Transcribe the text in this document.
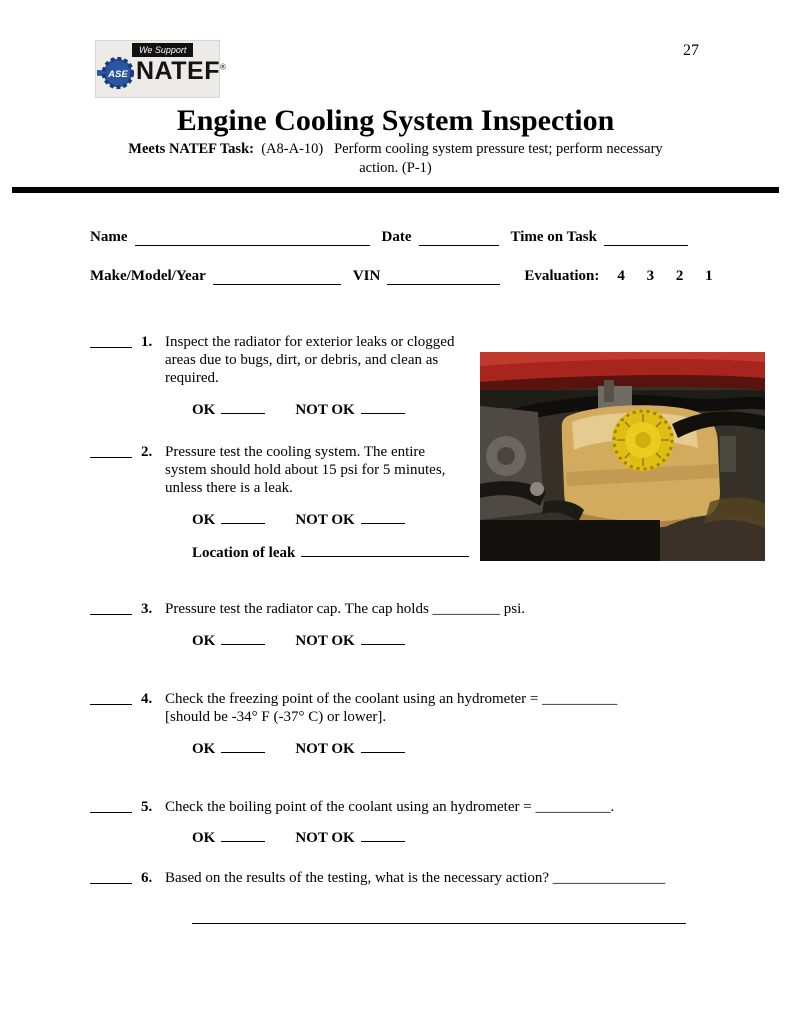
We Support
ASE NATEF®
27
Engine Cooling System Inspection
Meets NATEF Task:  (A8-A-10)   Perform cooling system pressure test; perform necessary
action. (P-1)
Name	Date	Time on Task
Make/Model/Year	VIN	Evaluation:	4 3 2 1
1. Inspect the radiator for exterior leaks or clogged areas due to bugs, dirt, or debris, and clean as required.
OK	NOT OK
2. Pressure test the cooling system. The entire system should hold about 15 psi for 5 minutes, unless there is a leak.
OK	NOT OK
Location of leak
3. Pressure test the radiator cap. The cap holds _________ psi.
OK	NOT OK
4. Check the freezing point of the coolant using an hydrometer = __________
[should be -34° F (-37° C) or lower].
OK	NOT OK
5. Check the boiling point of the coolant using an hydrometer = __________.
OK	NOT OK
6. Based on the results of the testing, what is the necessary action? _______________
